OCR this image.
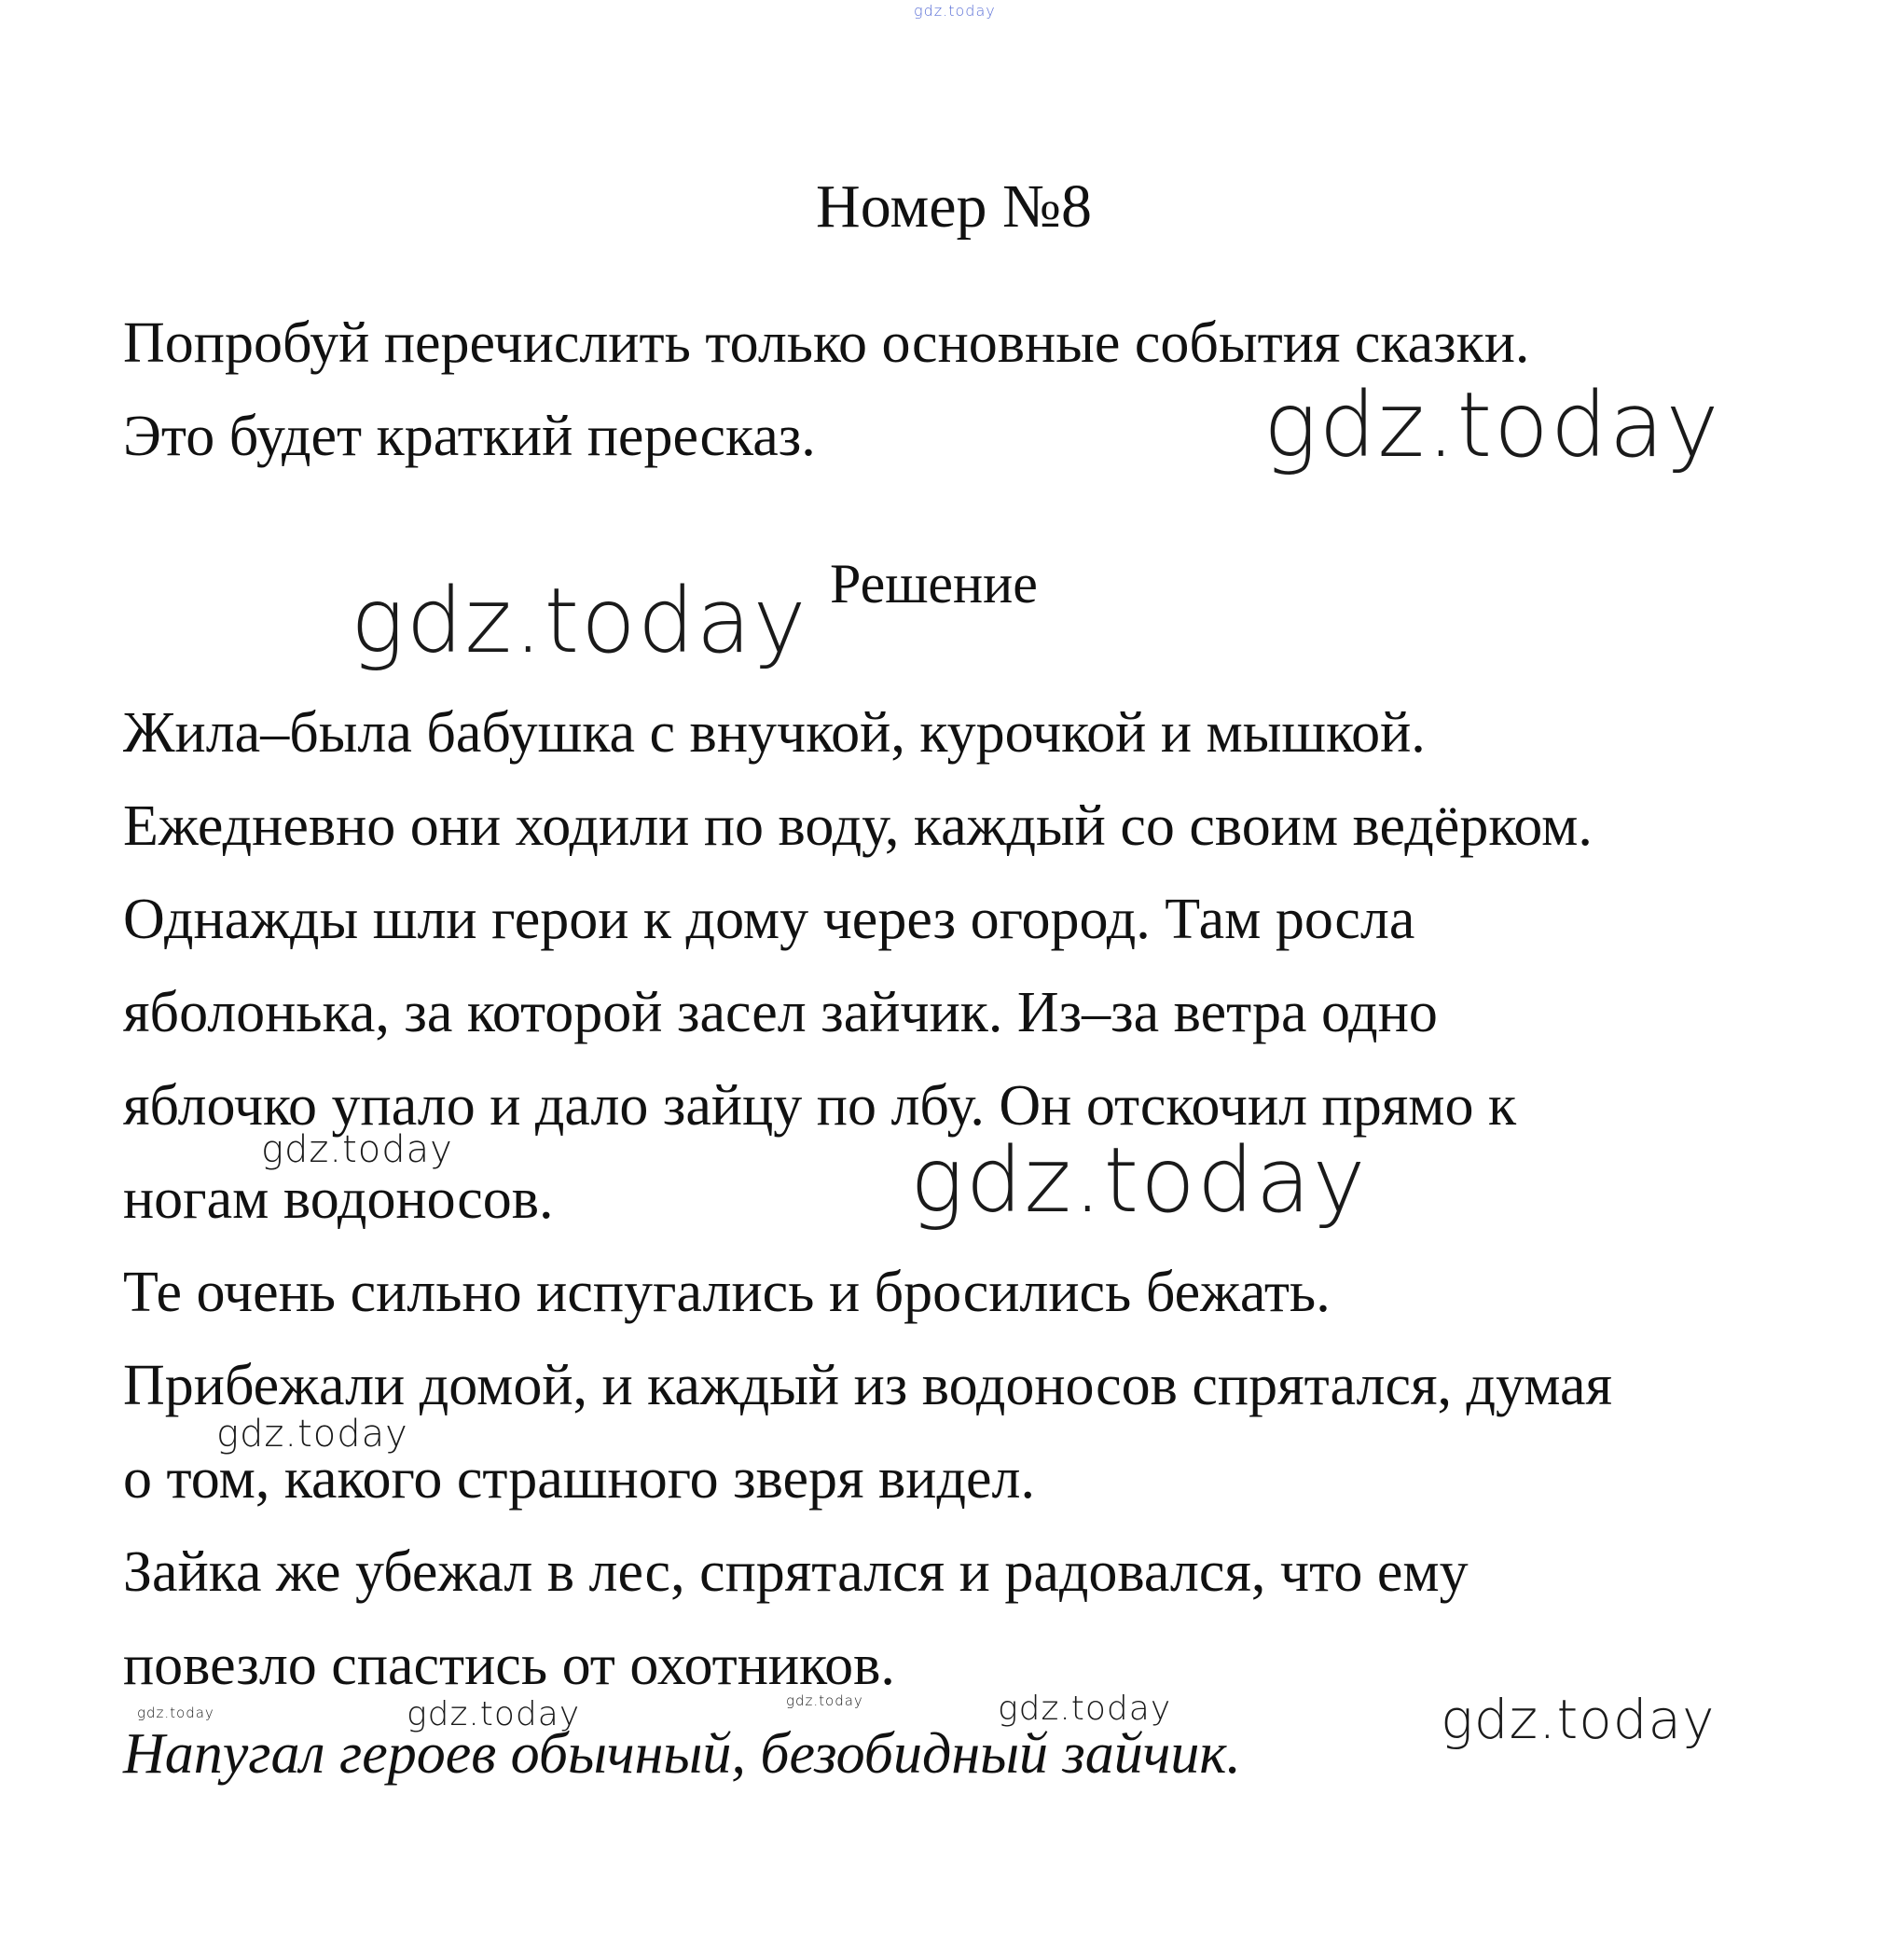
gdz.today
Номер №8
Попробуй перечислить только основные события сказки.
Это будет краткий пересказ.	gdz.today
gdz.today Решение
Жила–была бабушка с внучкой, курочкой и мышкой.
Ежедневно они ходили по воду, каждый со своим ведёрком.
Однажды шли герои к дому через огород. Там росла
яболонька, за которой засел зайчик. Из–за ветра одно
яблочко упало и дало зайцу по лбу. Он отскочил прямо к
gdz.today
ногам водоносов.	gdz.today
Те очень сильно испугались и бросились бежать.
Прибежали домой, и каждый из водоносов спрятался, думая
gdz.today
о том, какого страшного зверя видел.
Зайка же убежал в лес, спрятался и радовался, что ему
повезло спастись от охотников.
gdz.today	gdz.today	gdz.today	gdz.today
Напугал героев обычный, безобидный зайчик.
gdz.today
